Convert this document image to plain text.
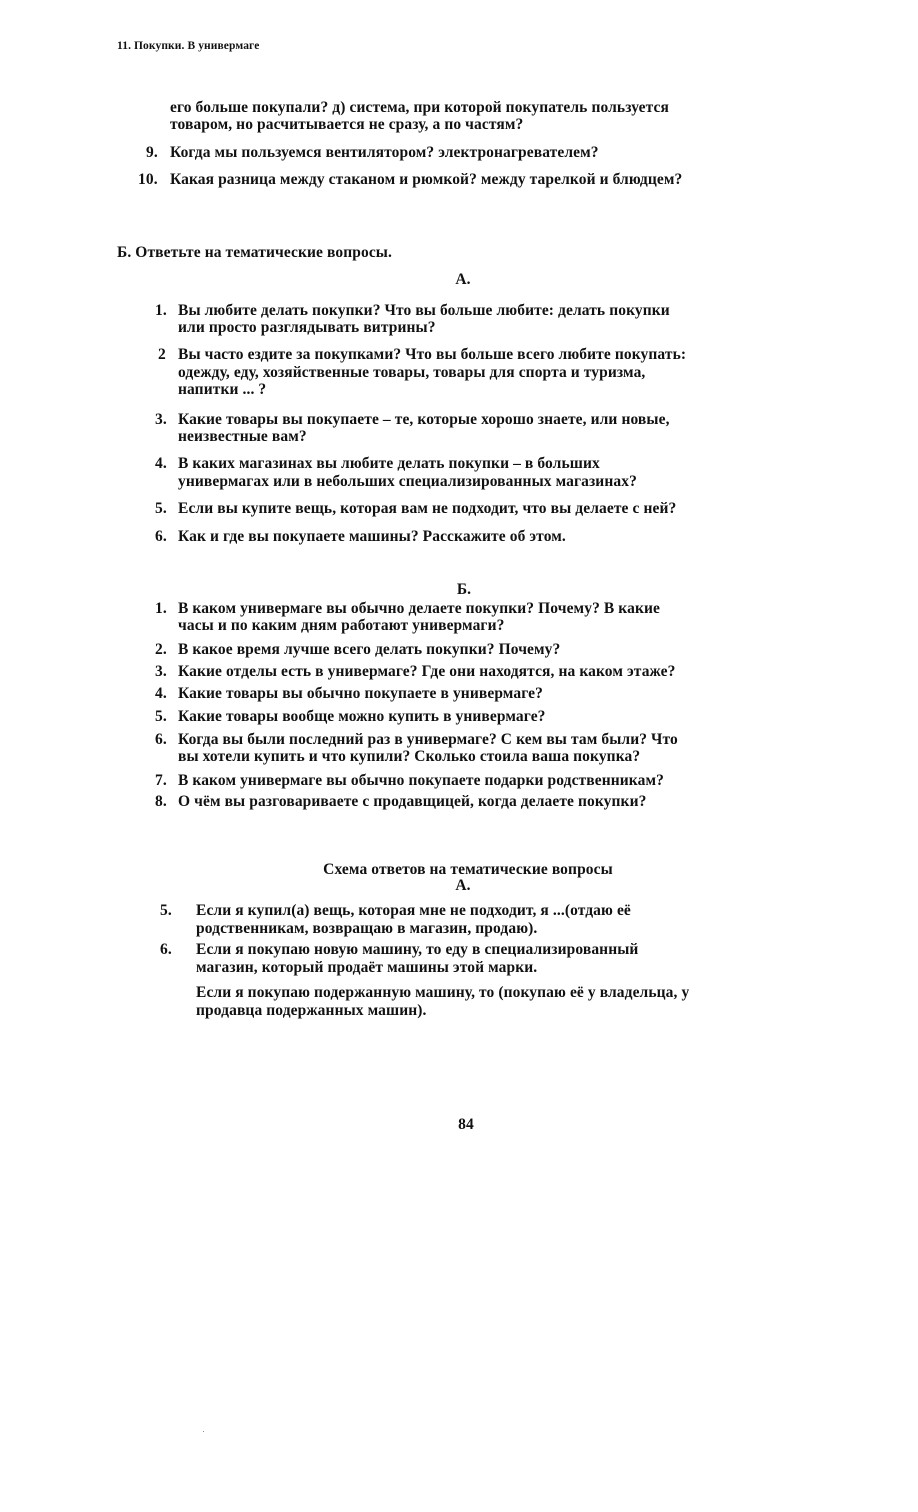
11. Покупки. В универмаге
его больше покупали? д) система, при которой покупатель пользуется
товаром, но расчитывается не сразу, а по частям?
9. Когда мы пользуемся вентилятором? электронагревателем?
10. Какая разница между стаканом и рюмкой? между тарелкой и блюдцем?
Б. Ответьте на тематические вопросы.
А.
1. Вы любите делать покупки? Что вы больше любите: делать покупки
или просто разглядывать витрины?
2 Вы часто ездите за покупками? Что вы больше всего любите покупать:
одежду, еду, хозяйственные товары, товары для спорта и туризма,
напитки ... ?
3. Какие товары вы покупаете – те, которые хорошо знаете, или новые,
неизвестные вам?
4. В каких магазинах вы любите делать покупки – в больших
универмагах или в небольших специализированных магазинах?
5. Если вы купите вещь, которая вам не подходит, что вы делаете с ней?
6. Как и где вы покупаете машины? Расскажите об этом.
Б.
1. В каком универмаге вы обычно делаете покупки? Почему? В какие
часы и по каким дням работают универмаги?
2. В какое время лучше всего делать покупки? Почему?
3. Какие отделы есть в универмаге? Где они находятся, на каком этаже?
4. Какие товары вы обычно покупаете в универмаге?
5. Какие товары вообще можно купить в универмаге?
6. Когда вы были последний раз в универмаге? С кем вы там были? Что
вы хотели купить и что купили? Сколько стоила ваша покупка?
7. В каком универмаге вы обычно покупаете подарки родственникам?
8. О чём вы разговариваете с продавщицей, когда делаете покупки?
Схема ответов на тематические вопросы
А.
5. Если я купил(а) вещь, которая мне не подходит, я ...(отдаю её
родственникам, возвращаю в магазин, продаю).
6. Если я покупаю новую машину, то еду в специализированный
магазин, который продаёт машины этой марки.
Если я покупаю подержанную машину, то (покупаю её у владельца, у
продавца подержанных машин).
84
